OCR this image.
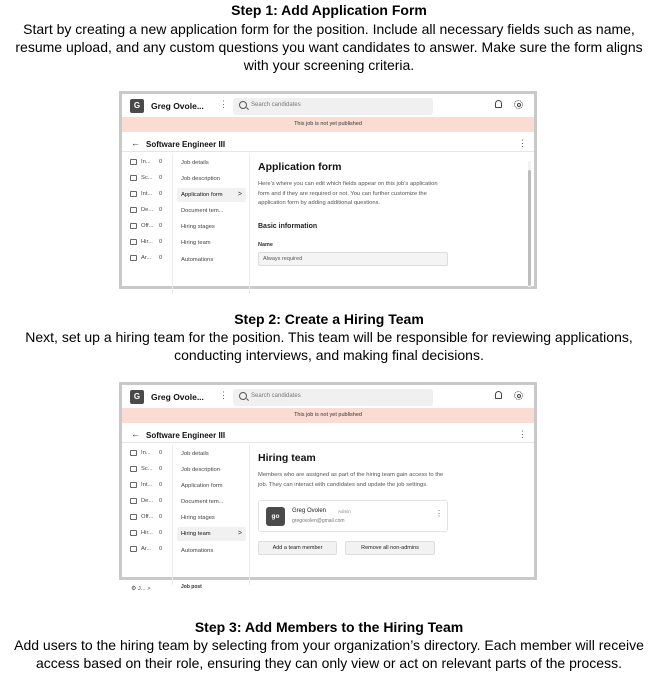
Step 1: Add Application Form
Start by creating a new application form for the position. Include all necessary fields such as name, resume upload, and any custom questions you want candidates to answer. Make sure the form aligns with your screening criteria.
G	Greg Ovole... ⋮	Search candidates
This job is not yet published
← Software Engineer III	⋮
In... 0
Sc... 0
Int... 0
De... 0
Off... 0
Hir... 0
Ar... 0
Job details
Job description
Application form >
Document tem...
Hiring stages
Hiring team
Automations
Application form
Here’s where you can edit which fields appear on this job’s application form and if they are required or not. You can further customize the application form by adding additional questions.
Basic information
Name
Always required
Step 2: Create a Hiring Team
Next, set up a hiring team for the position. This team will be responsible for reviewing applications, conducting interviews, and making final decisions.
G	Greg Ovole... ⋮	Search candidates
This job is not yet published
← Software Engineer III	⋮
In... 0
Sc... 0
Int... 0
De... 0
Off... 0
Hir... 0
Ar... 0
⚙ J... >
Job details
Job description
Application form
Document tem...
Hiring stages
Hiring team	>
Automations
Job post
Hiring team
Members who are assigned as part of the hiring team gain access to the job. They can interact with candidates and update the job settings.
go
Greg Ovolen	Admin
gregovolen@gmail.com
⋮
Add a team member	Remove all non-admins
Step 3: Add Members to the Hiring Team
Add users to the hiring team by selecting from your organization’s directory. Each member will receive access based on their role, ensuring they can only view or act on relevant parts of the process.
